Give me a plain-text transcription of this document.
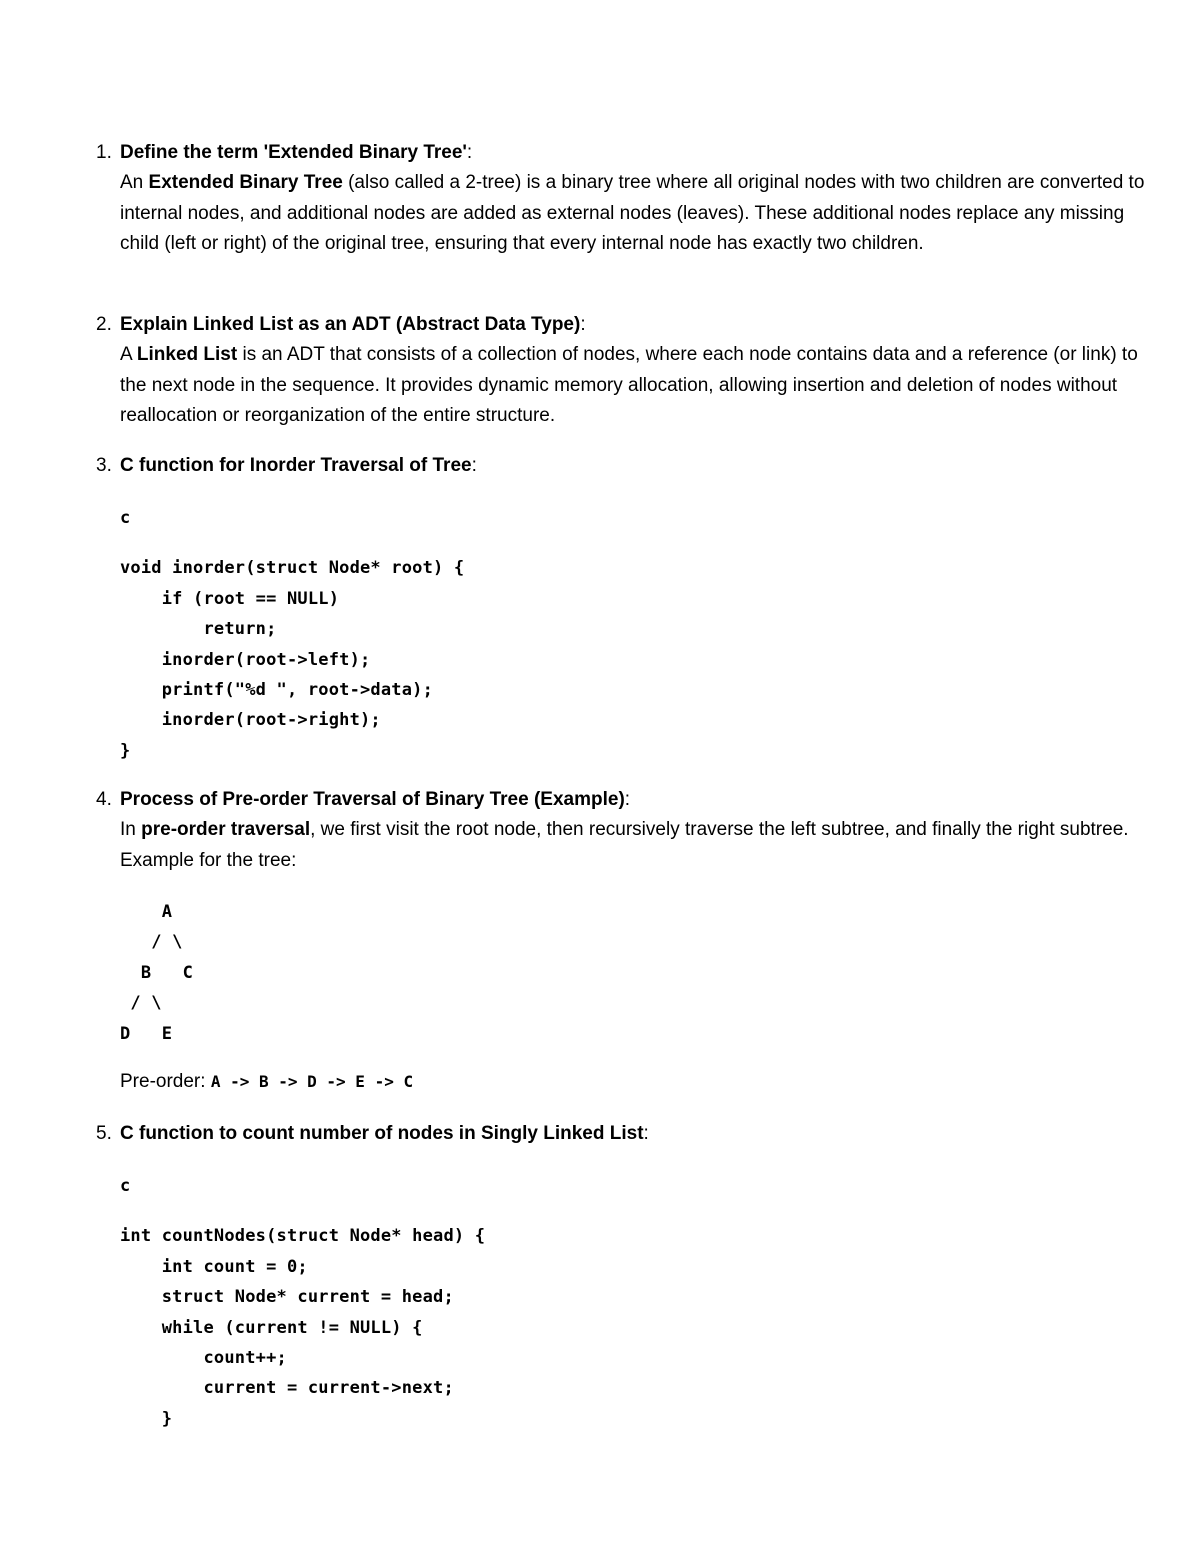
1. Define the term 'Extended Binary Tree':

An Extended Binary Tree (also called a 2-tree) is a binary tree where all original nodes with two children are converted to internal nodes, and additional nodes are added as external nodes (leaves). These additional nodes replace any missing child (left or right) of the original tree, ensuring that every internal node has exactly two children.

2. Explain Linked List as an ADT (Abstract Data Type):

A Linked List is an ADT that consists of a collection of nodes, where each node contains data and a reference (or link) to the next node in the sequence. It provides dynamic memory allocation, allowing insertion and deletion of nodes without reallocation or reorganization of the entire structure.

3. C function for Inorder Traversal of Tree:

c
void inorder(struct Node* root) {
if (root == NULL)
return;
inorder(root->left);
printf("%d ", root->data);
inorder(root->right);
}
4. Process of Pre-order Traversal of Binary Tree (Example):

In pre-order traversal, we first visit the root node, then recursively traverse the left subtree, and finally the right subtree. Example for the tree:

A
/ \
B   C
/ \
D   E

Pre-order: A -> B -> D -> E -> C

5. C function to count number of nodes in Singly Linked List:

c
int countNodes(struct Node* head) {
int count = 0;
struct Node* current = head;
while (current != NULL) {
count++;
current = current->next;
}
